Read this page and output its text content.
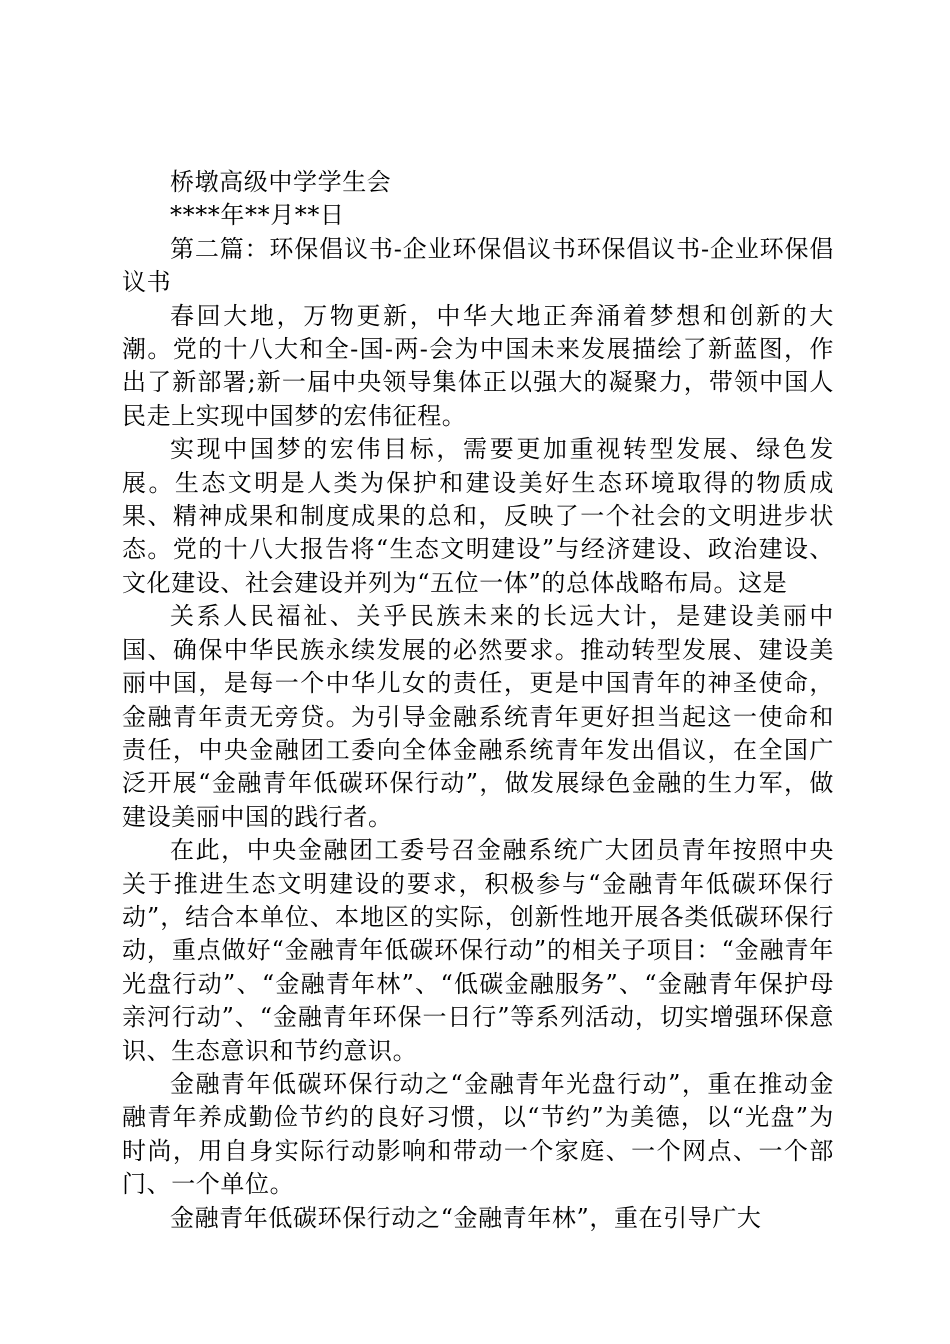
桥墩高级中学学生会

****年**月**日

第二篇：环保倡议书-企业环保倡议书环保倡议书-企业环保倡议书

春回大地，万物更新，中华大地正奔涌着梦想和创新的大潮。党的十八大和全-国-两-会为中国未来发展描绘了新蓝图，作出了新部署;新一届中央领导集体正以强大的凝聚力，带领中国人民走上实现中国梦的宏伟征程。

实现中国梦的宏伟目标，需要更加重视转型发展、绿色发展。生态文明是人类为保护和建设美好生态环境取得的物质成果、精神成果和制度成果的总和，反映了一个社会的文明进步状态。党的十八大报告将“生态文明建设”与经济建设、政治建设、文化建设、社会建设并列为“五位一体”的总体战略布局。这是

关系人民福祉、关乎民族未来的长远大计，是建设美丽中国、确保中华民族永续发展的必然要求。推动转型发展、建设美丽中国，是每一个中华儿女的责任，更是中国青年的神圣使命，金融青年责无旁贷。为引导金融系统青年更好担当起这一使命和责任，中央金融团工委向全体金融系统青年发出倡议，在全国广泛开展“金融青年低碳环保行动”，做发展绿色金融的生力军，做建设美丽中国的践行者。

在此，中央金融团工委号召金融系统广大团员青年按照中央关于推进生态文明建设的要求，积极参与“金融青年低碳环保行动”，结合本单位、本地区的实际，创新性地开展各类低碳环保行动，重点做好“金融青年低碳环保行动”的相关子项目：“金融青年光盘行动”、“金融青年林”、“低碳金融服务”、“金融青年保护母亲河行动”、“金融青年环保一日行”等系列活动，切实增强环保意识、生态意识和节约意识。

金融青年低碳环保行动之“金融青年光盘行动”，重在推动金融青年养成勤俭节约的良好习惯，以“节约”为美德，以“光盘”为时尚，用自身实际行动影响和带动一个家庭、一个网点、一个部门、一个单位。

金融青年低碳环保行动之“金融青年林”，重在引导广大
